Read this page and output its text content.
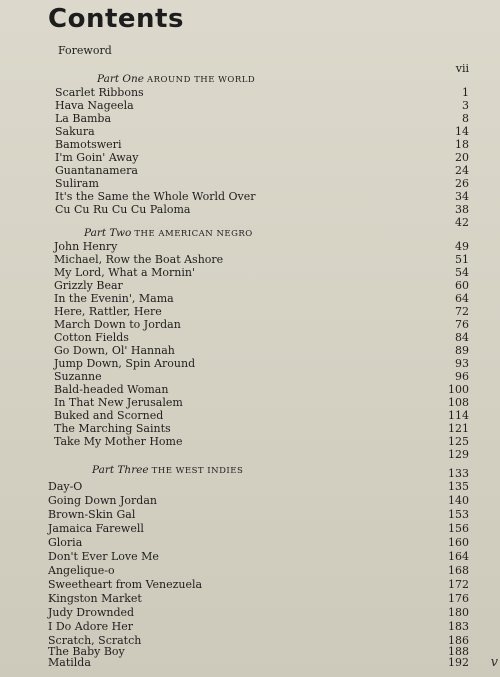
Contents
Foreword
vii
Part One AROUND THE WORLD
Scarlet Ribbons	1
Hava Nageela	3
La Bamba	8
Sakura	14
Bamotsweri	18
I'm Goin' Away	20
Guantanamera	24
Suliram	26
It's the Same the Whole World Over	34
Cu Cu Ru Cu Cu Paloma	38
42
Part Two THE AMERICAN NEGRO
John Henry	49
Michael, Row the Boat Ashore	51
My Lord, What a Mornin'	54
Grizzly Bear	60
In the Evenin', Mama	64
Here, Rattler, Here	72
March Down to Jordan	76
Cotton Fields	84
Go Down, Ol' Hannah	89
Jump Down, Spin Around	93
Suzanne	96
Bald-headed Woman	100
In That New Jerusalem	108
Buked and Scorned	114
The Marching Saints	121
Take My Mother Home	125
129
Part Three THE WEST INDIES	133
Day-O	135
Going Down Jordan	140
Brown-Skin Gal	153
Jamaica Farewell	156
Gloria	160
Don't Ever Love Me	164
Angelique-o	168
Sweetheart from Venezuela	172
Kingston Market	176
Judy Drownded	180
I Do Adore Her	183
Scratch, Scratch	186
The Baby Boy	188
Matilda	192 v
